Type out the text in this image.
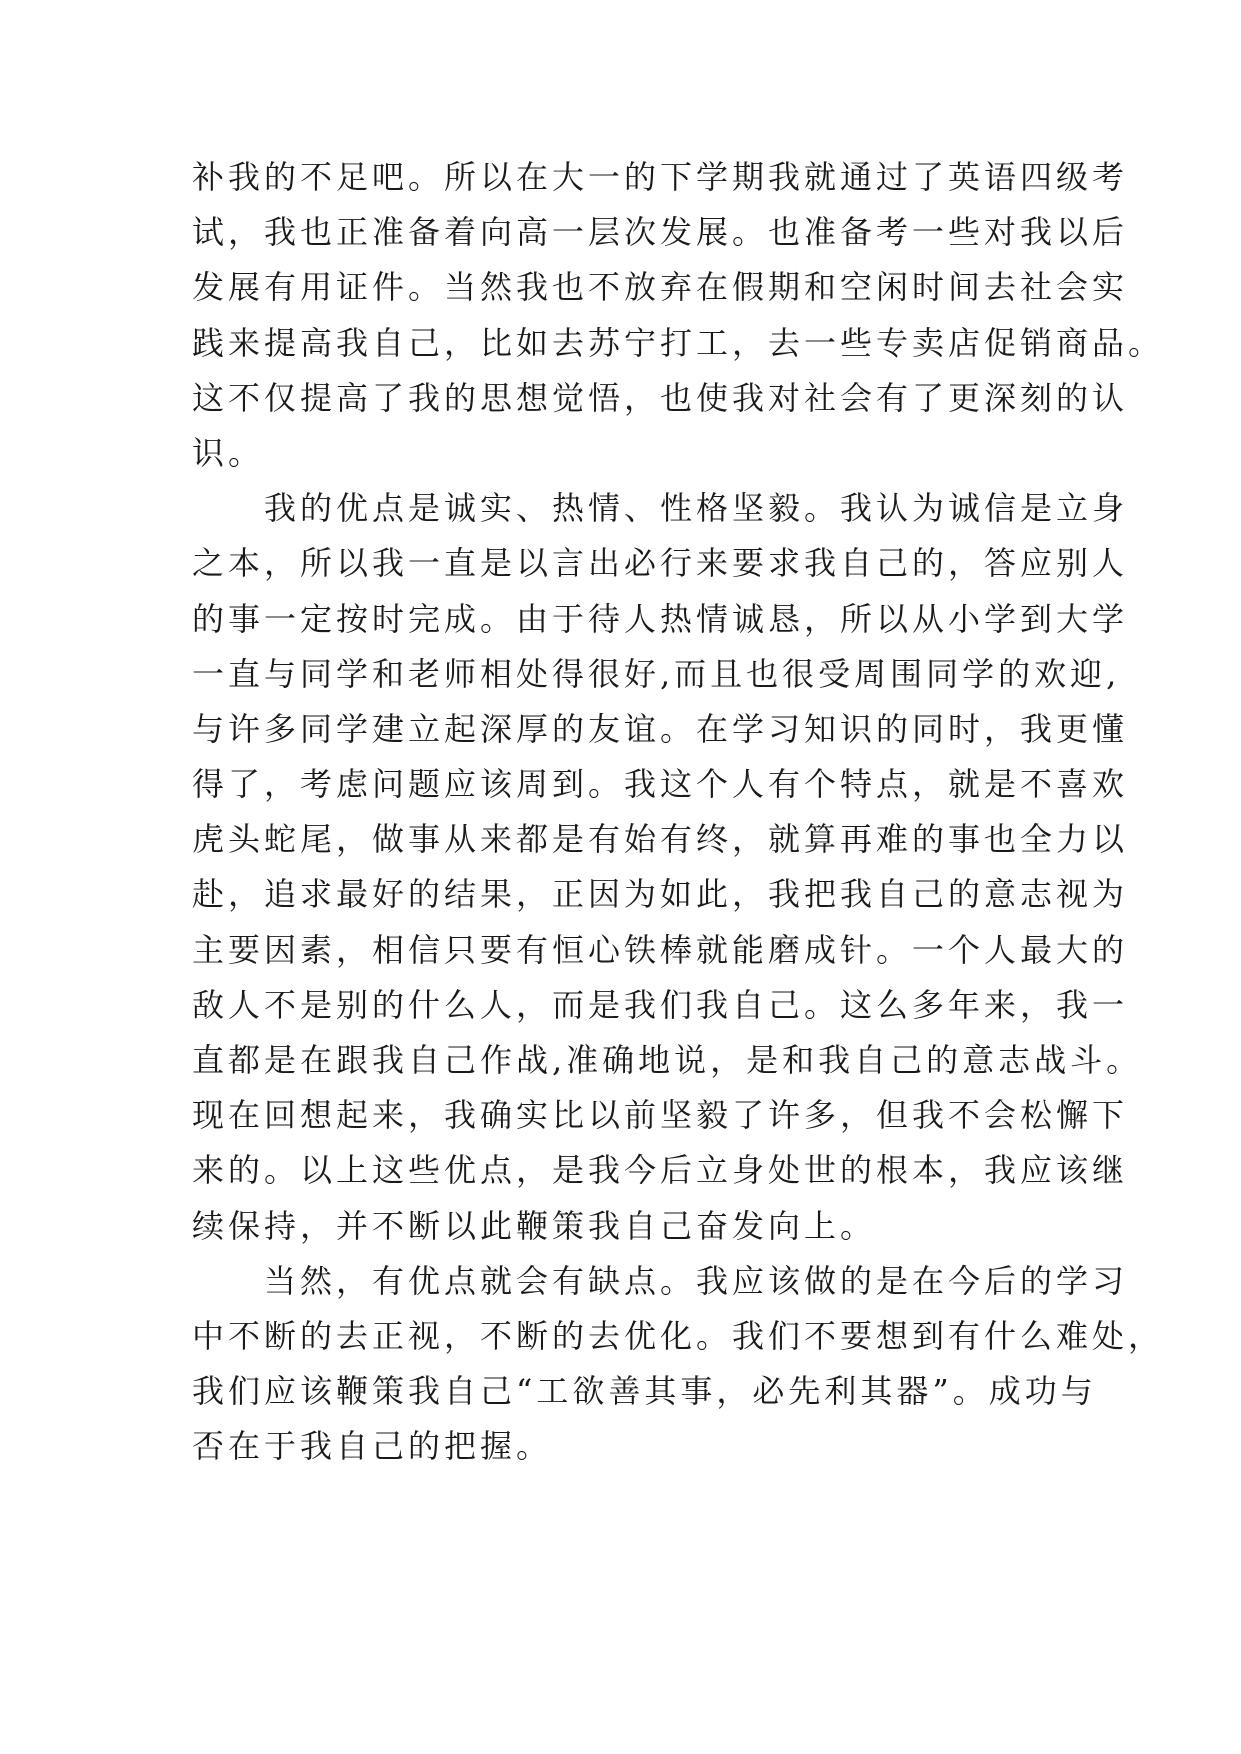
补我的不足吧。所以在大一的下学期我就通过了英语四级考
试，我也正准备着向高一层次发展。也准备考一些对我以后
发展有用证件。当然我也不放弃在假期和空闲时间去社会实
践来提高我自己，比如去苏宁打工，去一些专卖店促销商品。
这不仅提高了我的思想觉悟，也使我对社会有了更深刻的认
识。
　　我的优点是诚实、热情、性格坚毅。我认为诚信是立身
之本，所以我一直是以言出必行来要求我自己的，答应别人
的事一定按时完成。由于待人热情诚恳，所以从小学到大学
一直与同学和老师相处得很好,而且也很受周围同学的欢迎,
与许多同学建立起深厚的友谊。在学习知识的同时，我更懂
得了，考虑问题应该周到。我这个人有个特点，就是不喜欢
虎头蛇尾，做事从来都是有始有终，就算再难的事也全力以
赴，追求最好的结果，正因为如此，我把我自己的意志视为
主要因素，相信只要有恒心铁棒就能磨成针。一个人最大的
敌人不是别的什么人，而是我们我自己。这么多年来，我一
直都是在跟我自己作战,准确地说，是和我自己的意志战斗。
现在回想起来，我确实比以前坚毅了许多，但我不会松懈下
来的。以上这些优点，是我今后立身处世的根本，我应该继
续保持，并不断以此鞭策我自己奋发向上。
　　当然，有优点就会有缺点。我应该做的是在今后的学习
中不断的去正视，不断的去优化。我们不要想到有什么难处，
我们应该鞭策我自己“工欲善其事，必先利其器”。成功与
否在于我自己的把握。
